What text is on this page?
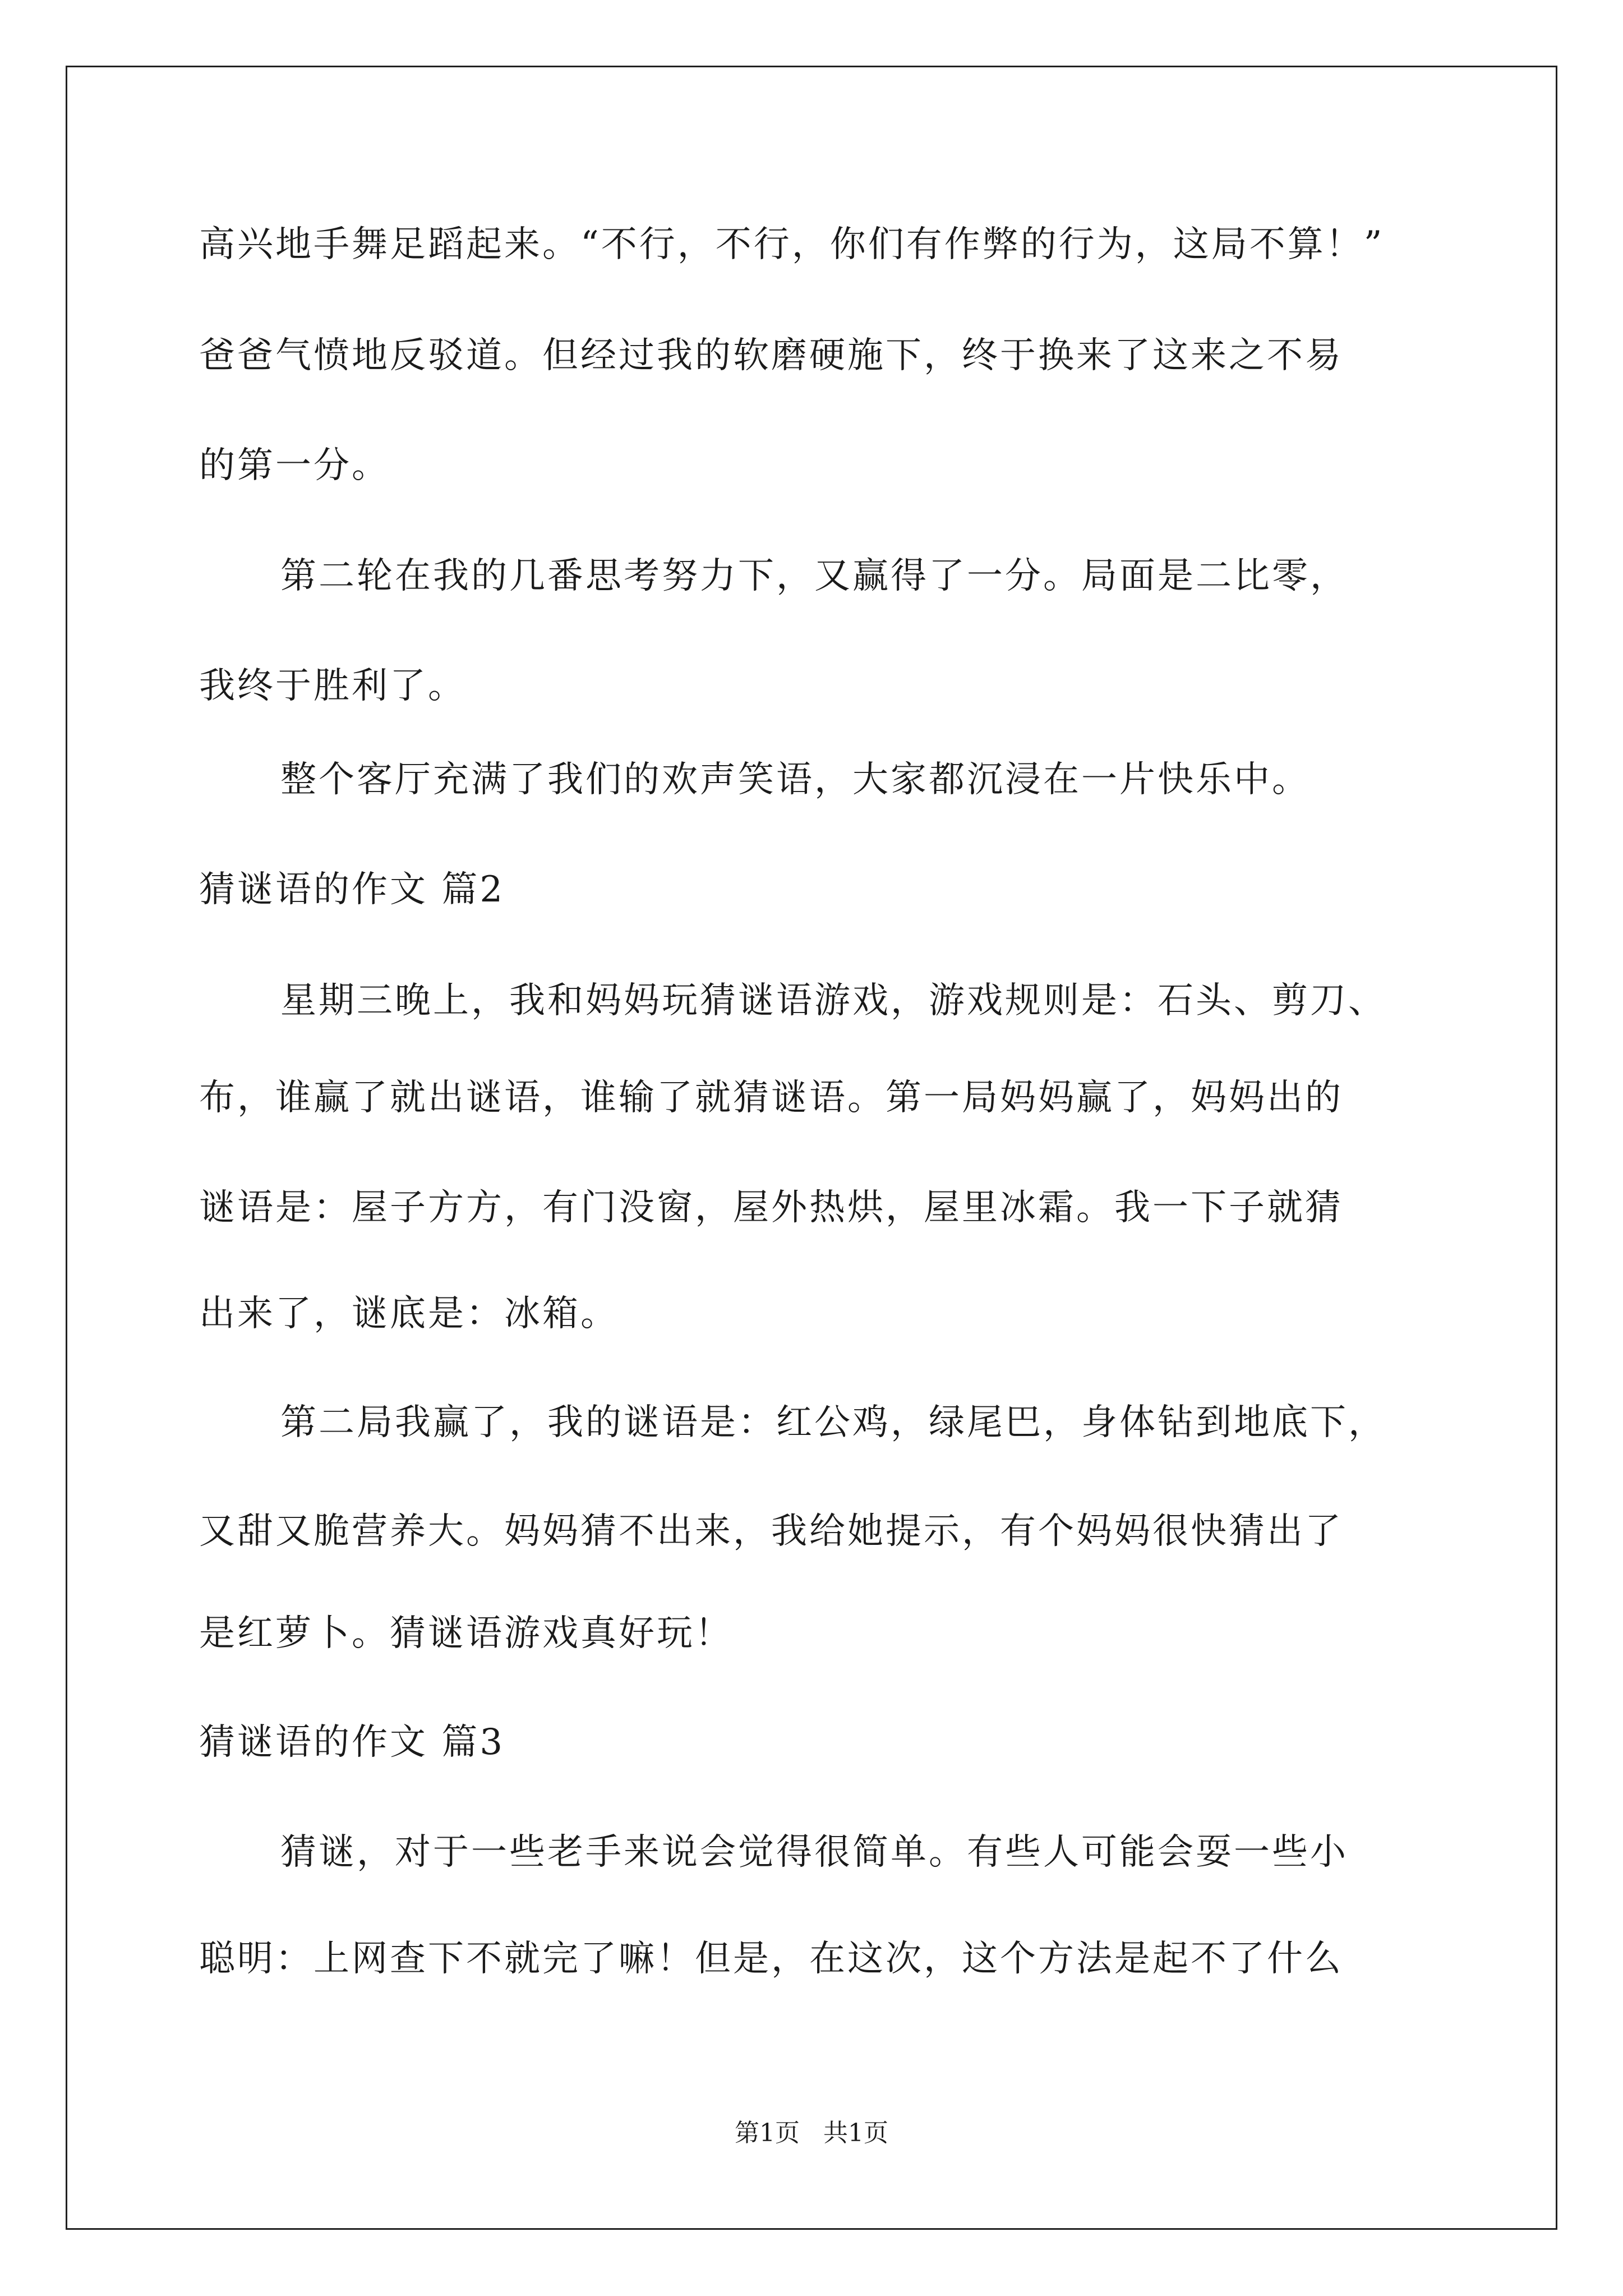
高兴地手舞足蹈起来。“不行，不行，你们有作弊的行为，这局不算！”
爸爸气愤地反驳道。但经过我的软磨硬施下，终于换来了这来之不易
的第一分。
第二轮在我的几番思考努力下，又赢得了一分。局面是二比零，
我终于胜利了。
整个客厅充满了我们的欢声笑语，大家都沉浸在一片快乐中。
猜谜语的作文 篇2
星期三晚上，我和妈妈玩猜谜语游戏，游戏规则是：石头、剪刀、
布，谁赢了就出谜语，谁输了就猜谜语。第一局妈妈赢了，妈妈出的
谜语是：屋子方方，有门没窗，屋外热烘，屋里冰霜。我一下子就猜
出来了，谜底是：冰箱。
第二局我赢了，我的谜语是：红公鸡，绿尾巴，身体钻到地底下，
又甜又脆营养大。妈妈猜不出来，我给她提示，有个妈妈很快猜出了
是红萝卜。猜谜语游戏真好玩！
猜谜语的作文 篇3
猜谜，对于一些老手来说会觉得很简单。有些人可能会耍一些小
聪明：上网查下不就完了嘛！但是，在这次，这个方法是起不了什么
第1页   共1页
